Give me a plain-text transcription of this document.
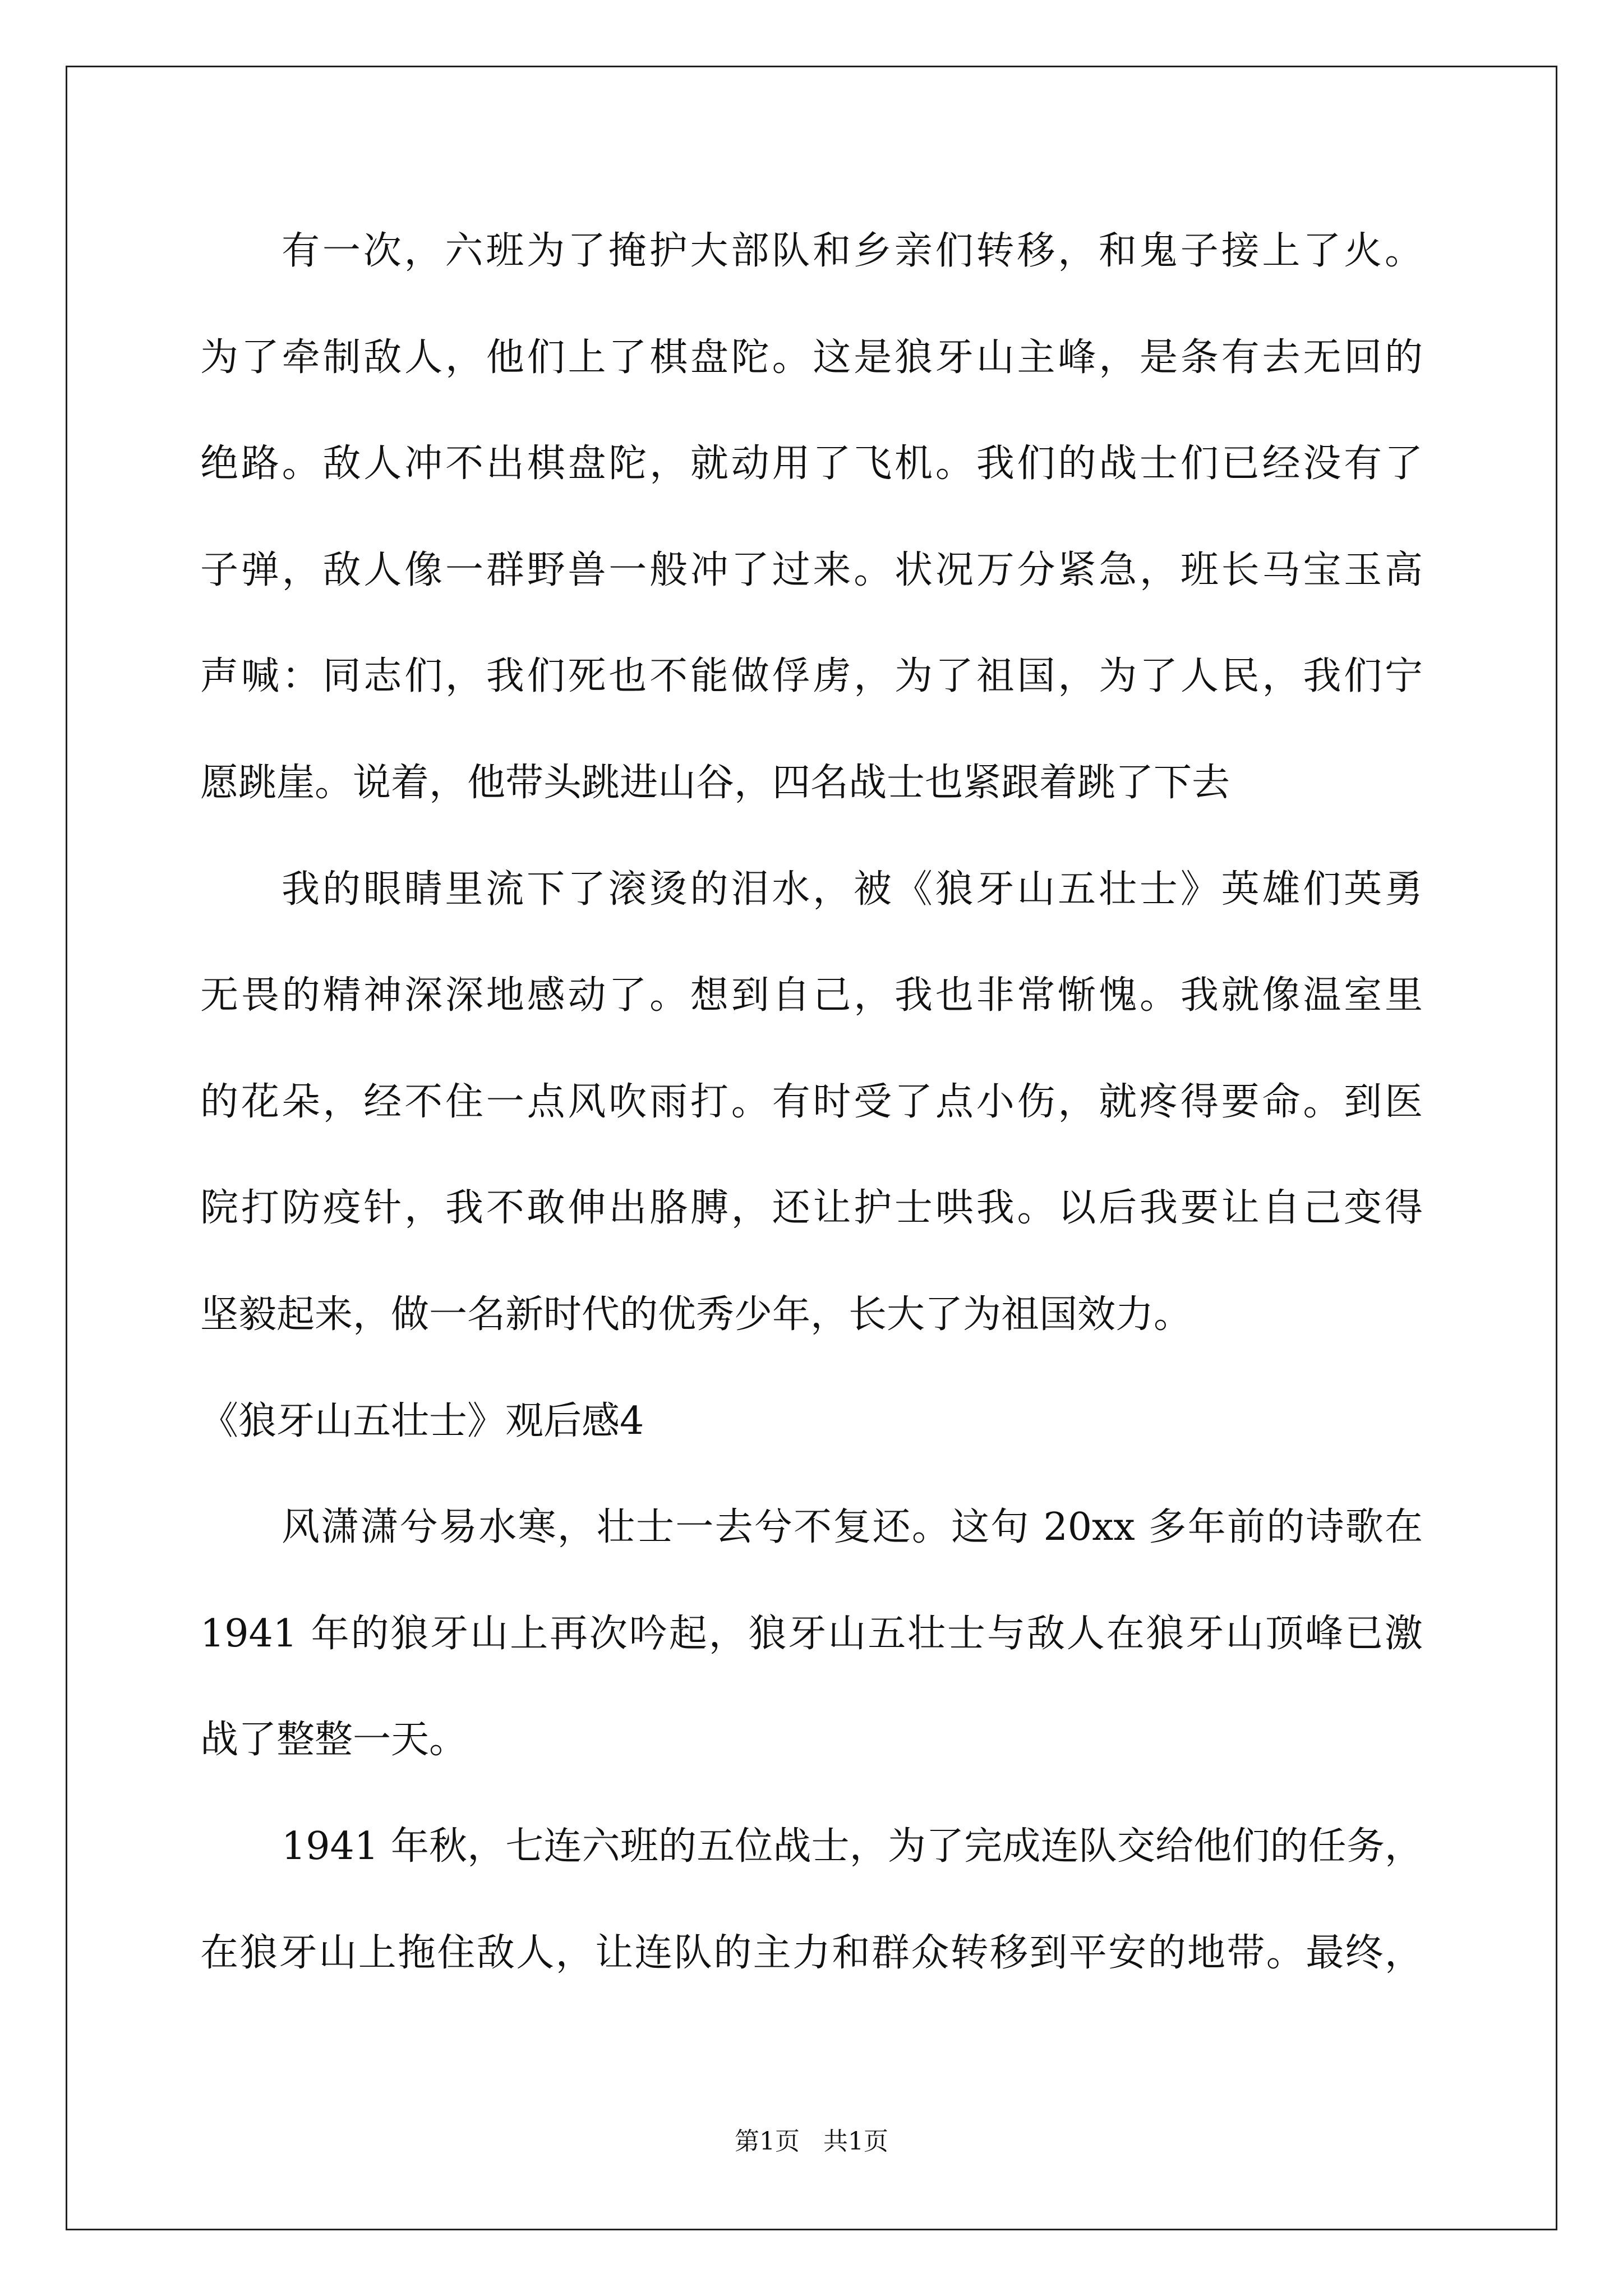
有一次，六班为了掩护大部队和乡亲们转移，和鬼子接上了火。
为了牵制敌人，他们上了棋盘陀。这是狼牙山主峰，是条有去无回的
绝路。敌人冲不出棋盘陀，就动用了飞机。我们的战士们已经没有了
子弹，敌人像一群野兽一般冲了过来。状况万分紧急，班长马宝玉高
声喊：同志们，我们死也不能做俘虏，为了祖国，为了人民，我们宁
愿跳崖。说着，他带头跳进山谷，四名战士也紧跟着跳了下去
我的眼睛里流下了滚烫的泪水，被《狼牙山五壮士》英雄们英勇
无畏的精神深深地感动了。想到自己，我也非常惭愧。我就像温室里
的花朵，经不住一点风吹雨打。有时受了点小伤，就疼得要命。到医
院打防疫针，我不敢伸出胳膊，还让护士哄我。以后我要让自己变得
坚毅起来，做一名新时代的优秀少年，长大了为祖国效力。
《狼牙山五壮士》观后感4
风潇潇兮易水寒，壮士一去兮不复还。这句 20xx 多年前的诗歌在
1941 年的狼牙山上再次吟起，狼牙山五壮士与敌人在狼牙山顶峰已激
战了整整一天。
1941 年秋，七连六班的五位战士，为了完成连队交给他们的任务，
在狼牙山上拖住敌人，让连队的主力和群众转移到平安的地带。最终，
第1页   共1页
